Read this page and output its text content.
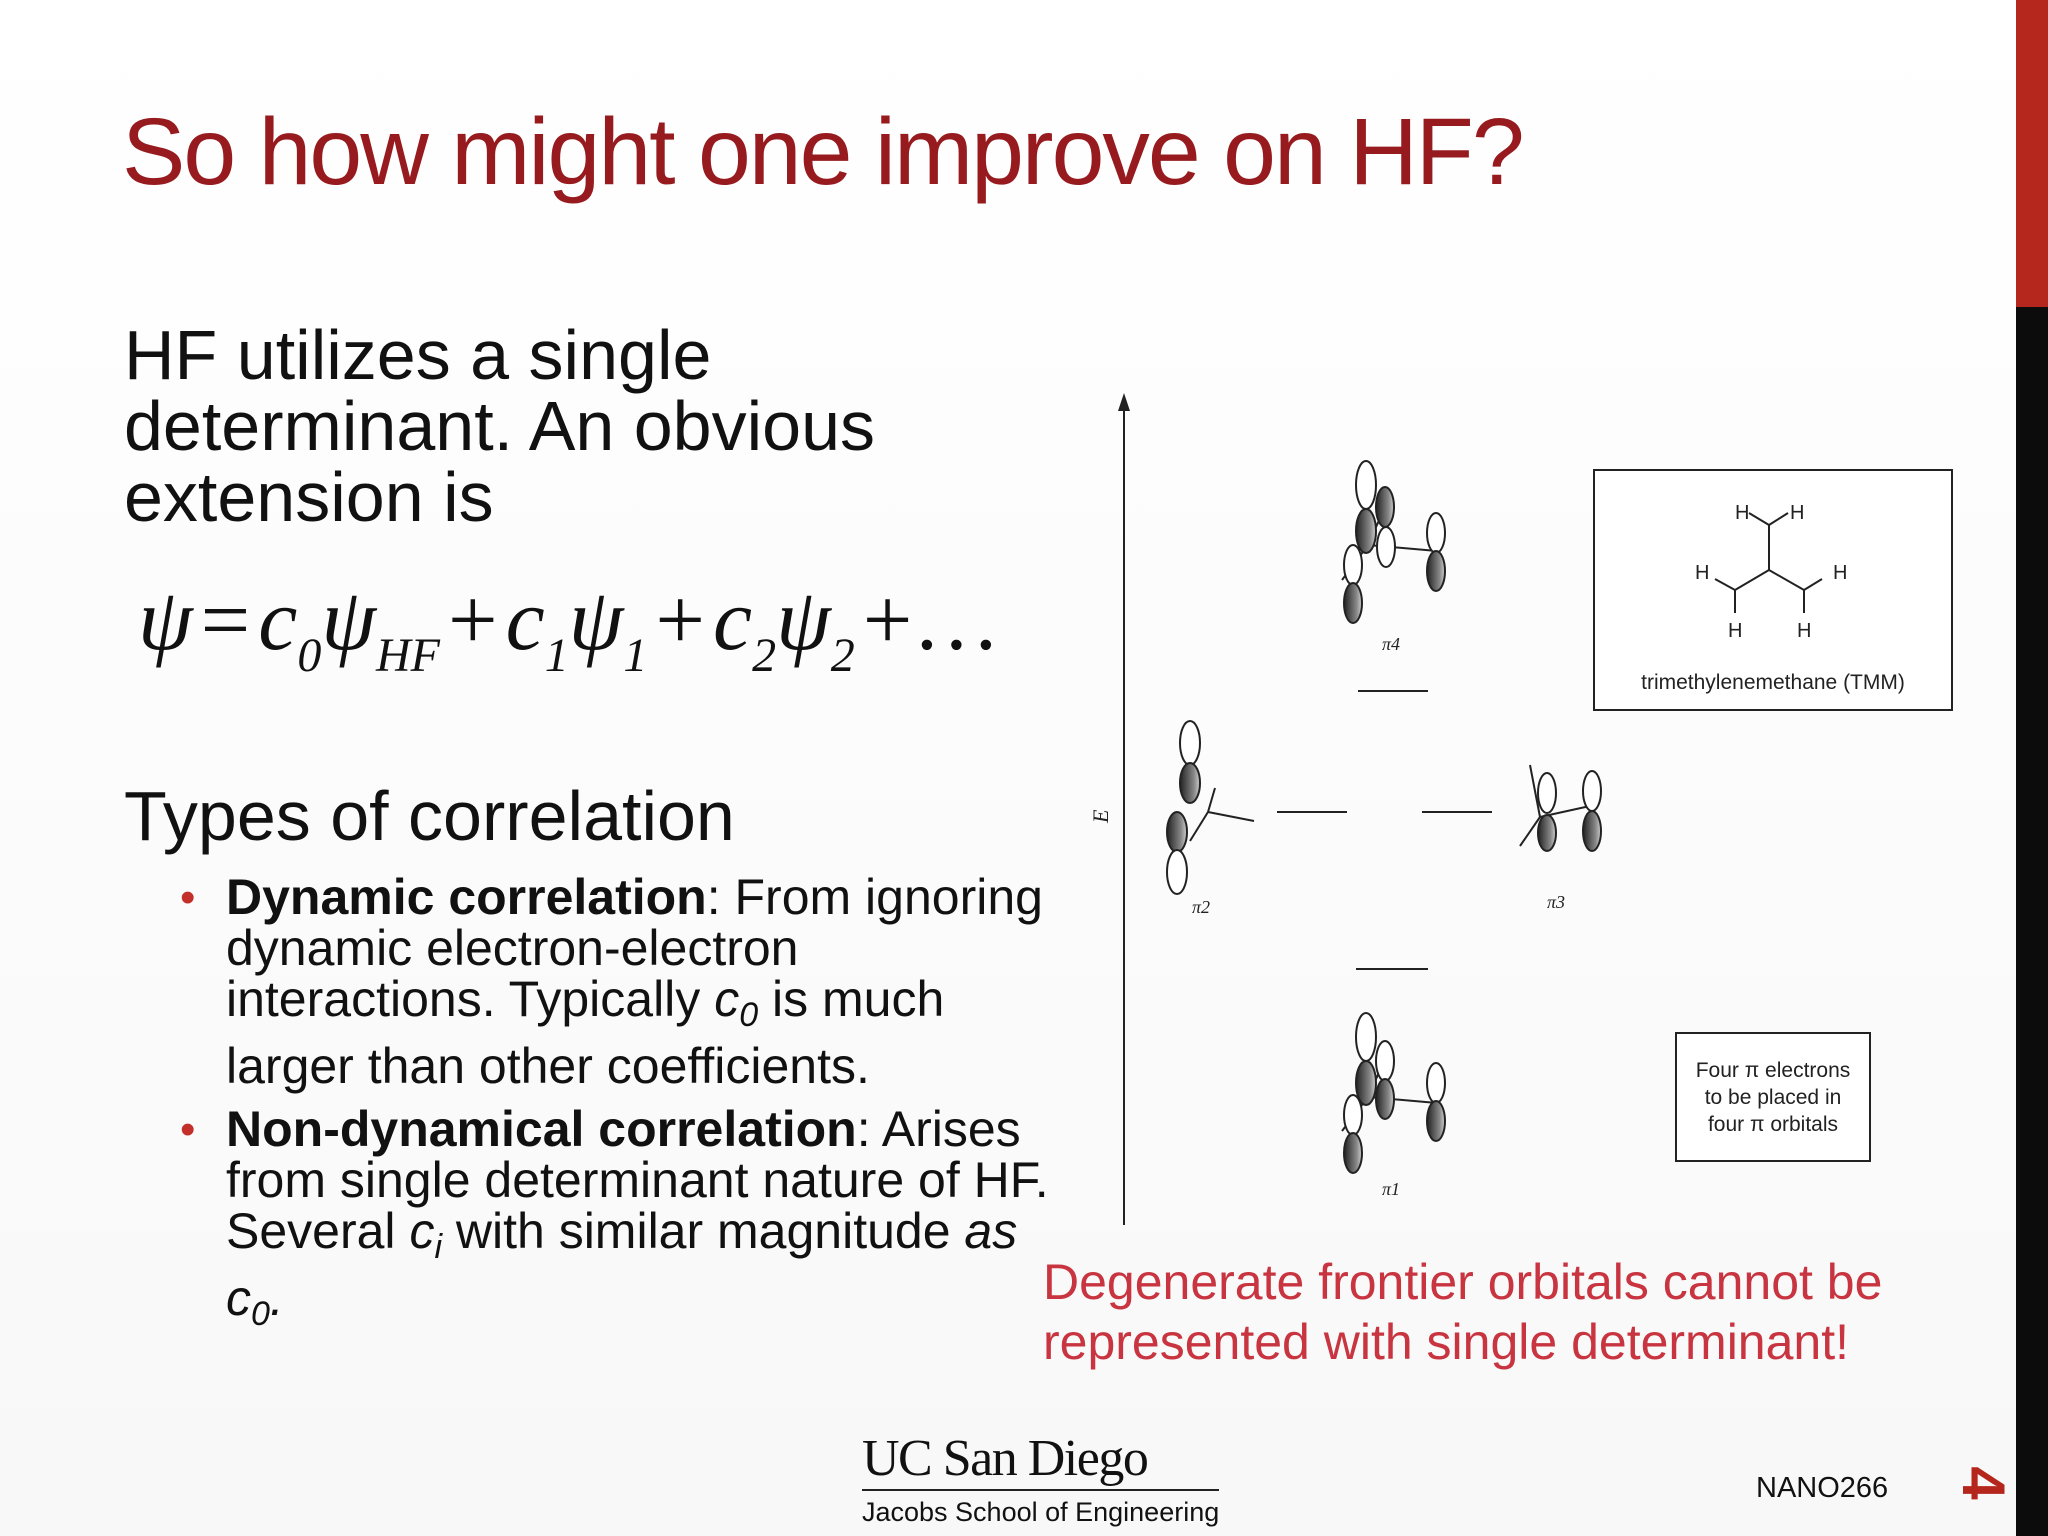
So how might one improve on HF?
HF utilizes a single determinant. An obvious extension is
$\psi=c_0\psi_{HF}+c_1\psi_1+c_2\psi_2+\dots$
Types of correlation
• Dynamic correlation: From ignoring dynamic electron-electron interactions. Typically $c_0$ is much larger than other coefficients.
• Non-dynamical correlation: Arises from single determinant nature of HF. Several $c_i$ with similar magnitude as $c_0$.
E
π4
π2	π3
π1
H H
H	H
H	H
trimethylenemethane (TMM)
Four π electrons
to be placed in
four π orbitals
Degenerate frontier orbitals cannot be
represented with single determinant!
UC San Diego
Jacobs School of Engineering
NANO266 4
